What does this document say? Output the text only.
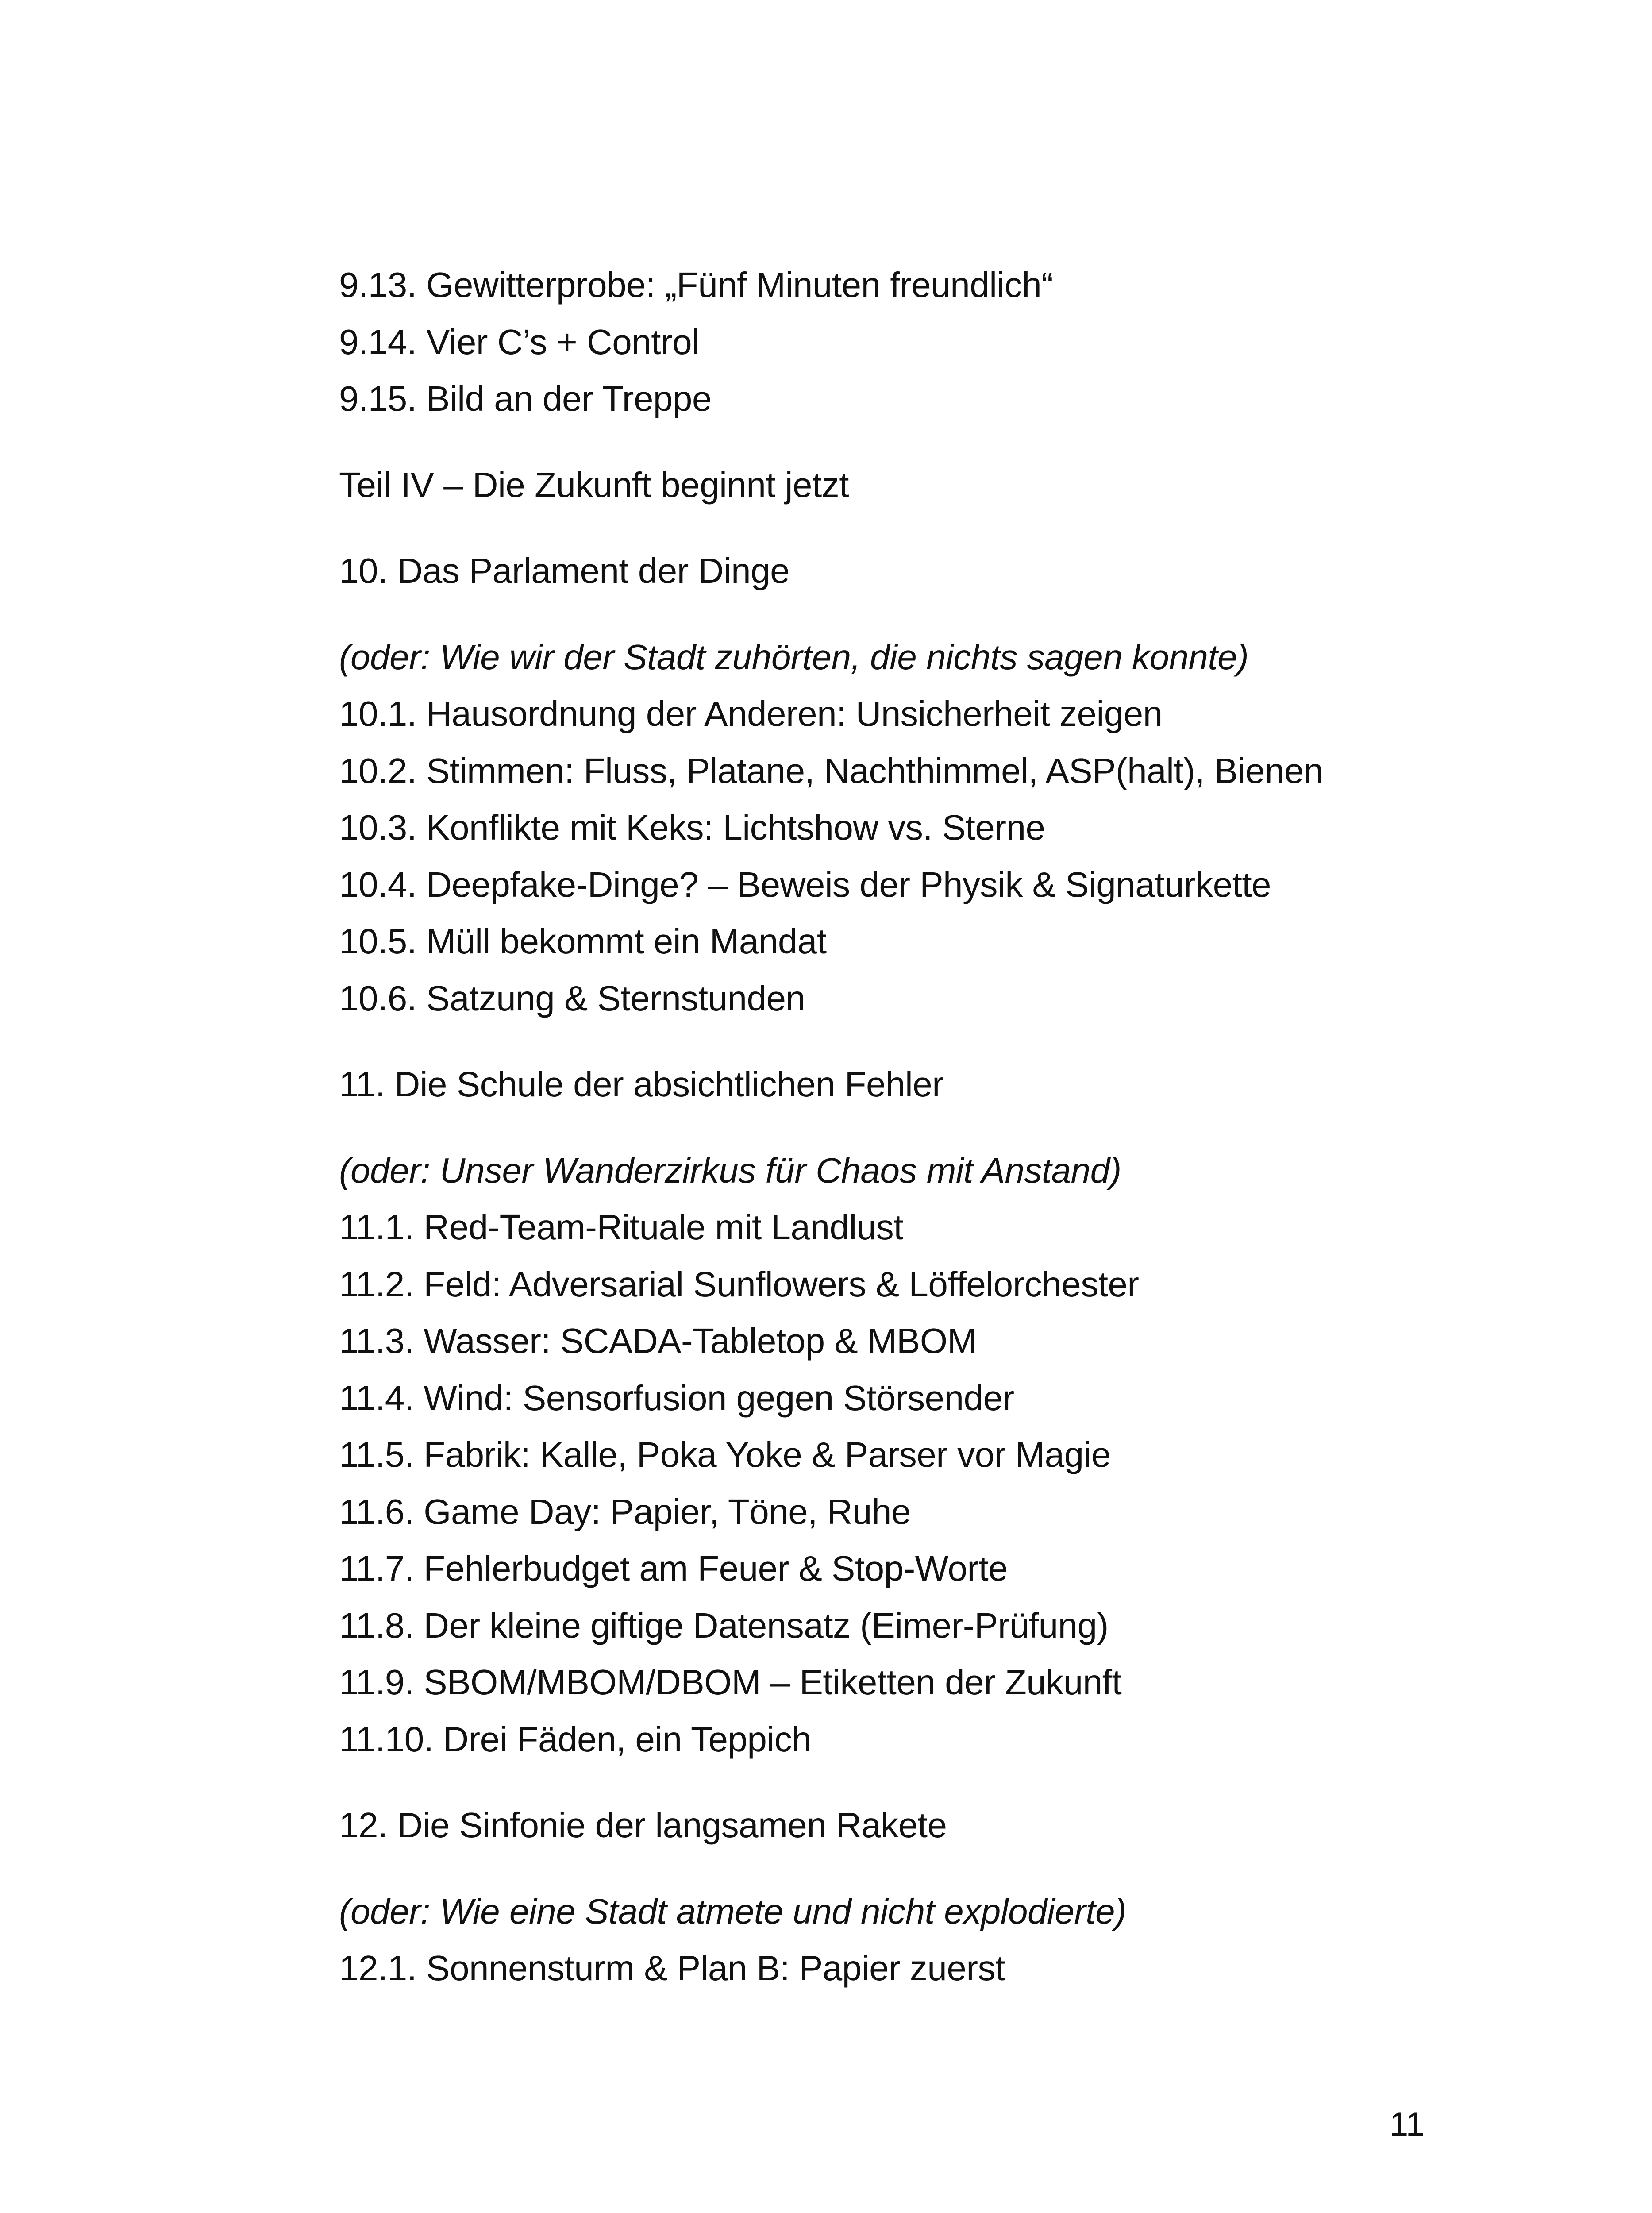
9.13. Gewitterprobe: „Fünf Minuten freundlich“
9.14. Vier C’s + Control
9.15. Bild an der Treppe
Teil IV – Die Zukunft beginnt jetzt
10. Das Parlament der Dinge
(oder: Wie wir der Stadt zuhörten, die nichts sagen konnte)
10.1. Hausordnung der Anderen: Unsicherheit zeigen
10.2. Stimmen: Fluss, Platane, Nachthimmel, ASP(halt), Bienen
10.3. Konflikte mit Keks: Lichtshow vs. Sterne
10.4. Deepfake-Dinge? – Beweis der Physik & Signaturkette
10.5. Müll bekommt ein Mandat
10.6. Satzung & Sternstunden
11. Die Schule der absichtlichen Fehler
(oder: Unser Wanderzirkus für Chaos mit Anstand)
11.1. Red-Team-Rituale mit Landlust
11.2. Feld: Adversarial Sunflowers & Löffelorchester
11.3. Wasser: SCADA-Tabletop & MBOM
11.4. Wind: Sensorfusion gegen Störsender
11.5. Fabrik: Kalle, Poka Yoke & Parser vor Magie
11.6. Game Day: Papier, Töne, Ruhe
11.7. Fehlerbudget am Feuer & Stop-Worte
11.8. Der kleine giftige Datensatz (Eimer-Prüfung)
11.9. SBOM/MBOM/DBOM – Etiketten der Zukunft
11.10. Drei Fäden, ein Teppich
12. Die Sinfonie der langsamen Rakete
(oder: Wie eine Stadt atmete und nicht explodierte)
12.1. Sonnensturm & Plan B: Papier zuerst
11
